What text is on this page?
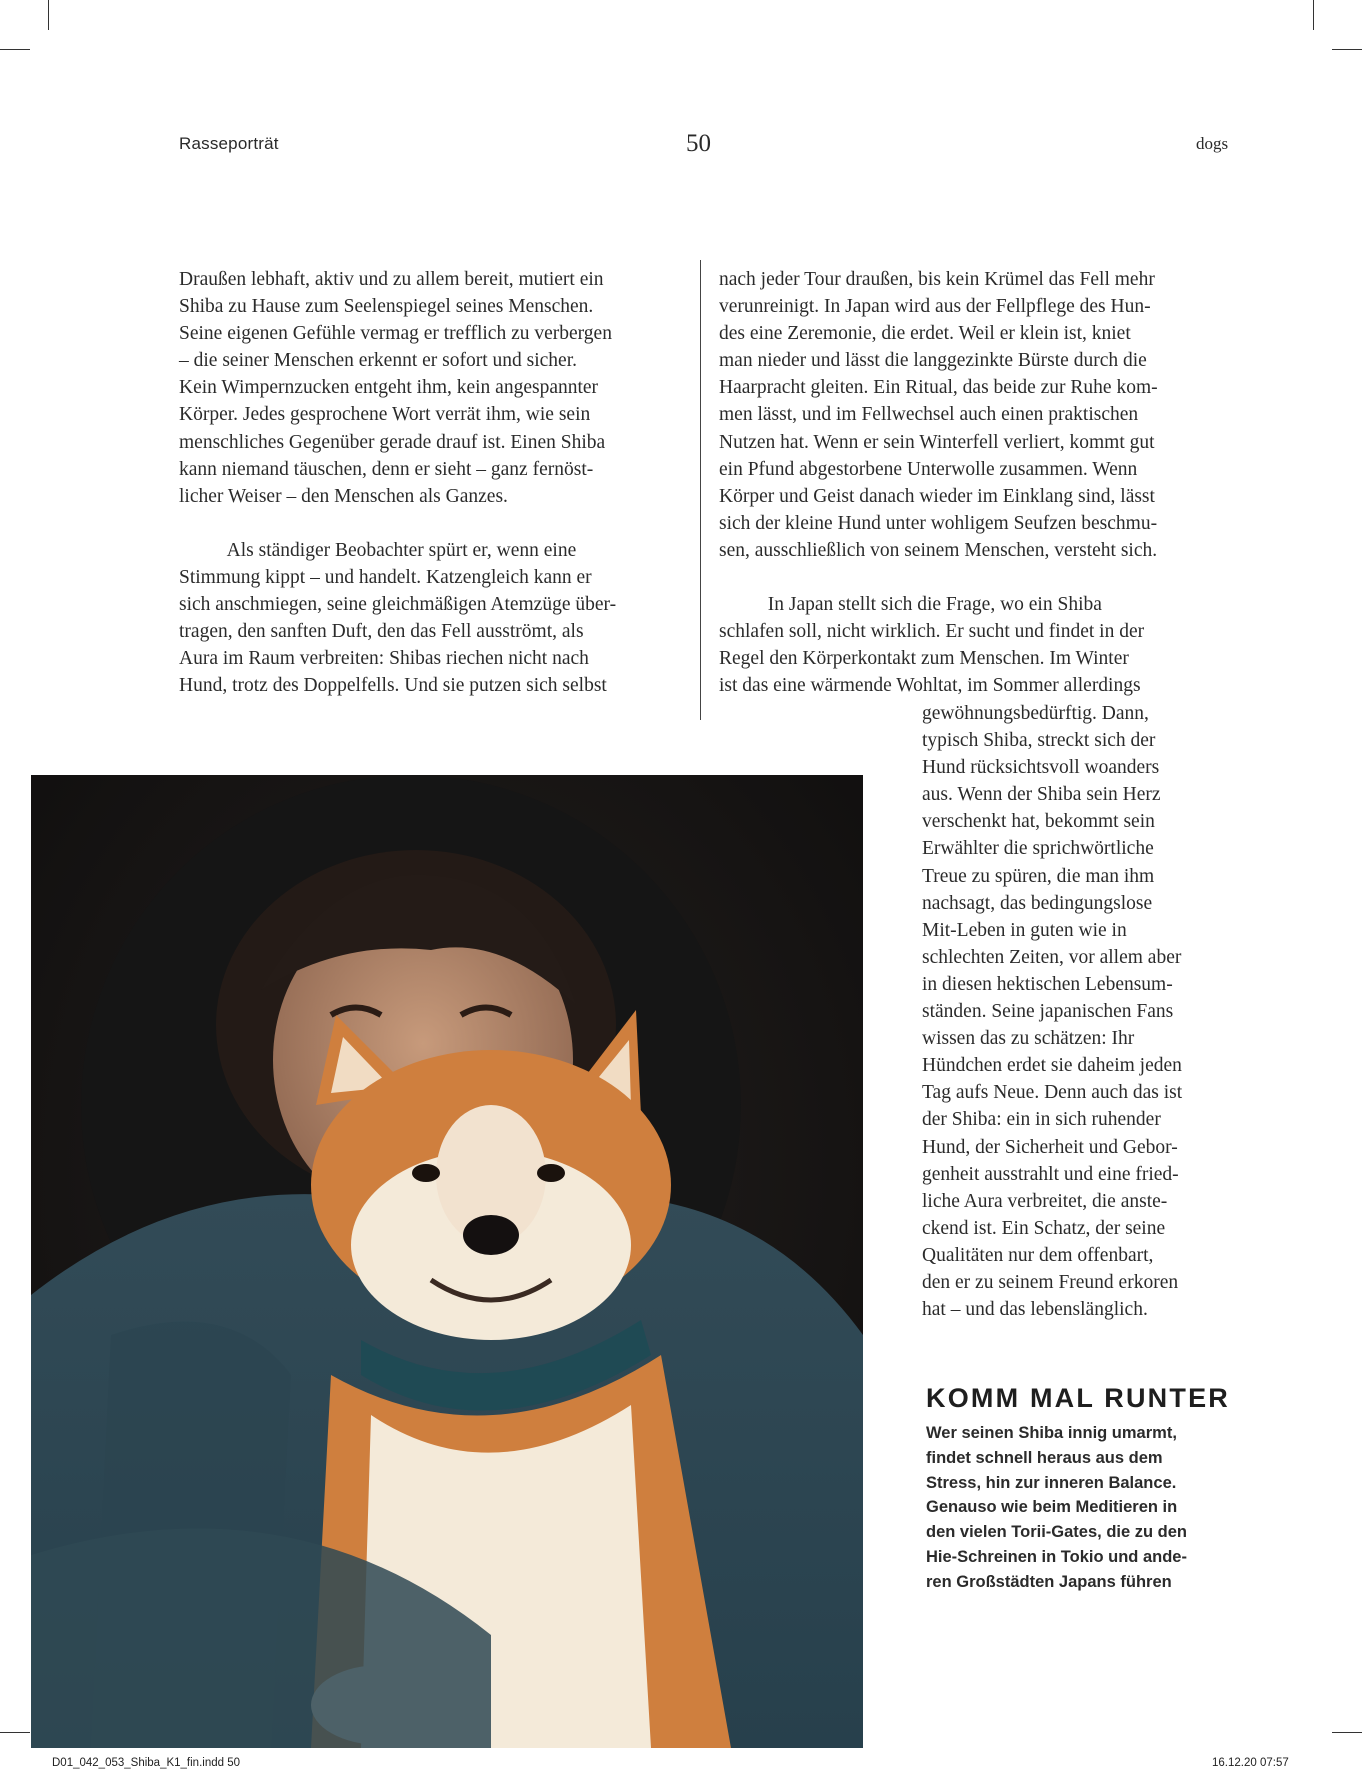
Rasseporträt	50	dogs
Draußen lebhaft, aktiv und zu allem bereit, mutiert ein
Shiba zu Hause zum Seelenspiegel seines Menschen.
Seine eigenen Gefühle vermag er trefflich zu verbergen
– die seiner Menschen erkennt er sofort und sicher.
Kein Wimpernzucken entgeht ihm, kein angespannter
Körper. Jedes gesprochene Wort verrät ihm, wie sein
menschliches Gegenüber gerade drauf ist. Einen Shiba
kann niemand täuschen, denn er sieht – ganz fernöst-
licher Weiser – den Menschen als Ganzes.
Als ständiger Beobachter spürt er, wenn eine
Stimmung kippt – und handelt. Katzengleich kann er
sich anschmiegen, seine gleichmäßigen Atemzüge über-
tragen, den sanften Duft, den das Fell ausströmt, als
Aura im Raum verbreiten: Shibas riechen nicht nach
Hund, trotz des Doppelfells. Und sie putzen sich selbst
nach jeder Tour draußen, bis kein Krümel das Fell mehr
verunreinigt. In Japan wird aus der Fellpflege des Hun-
des eine Zeremonie, die erdet. Weil er klein ist, kniet
man nieder und lässt die langgezinkte Bürste durch die
Haarpracht gleiten. Ein Ritual, das beide zur Ruhe kom-
men lässt, und im Fellwechsel auch einen praktischen
Nutzen hat. Wenn er sein Winterfell verliert, kommt gut
ein Pfund abgestorbene Unterwolle zusammen. Wenn
Körper und Geist danach wieder im Einklang sind, lässt
sich der kleine Hund unter wohligem Seufzen beschmu-
sen, ausschließlich von seinem Menschen, versteht sich.
In Japan stellt sich die Frage, wo ein Shiba
schlafen soll, nicht wirklich. Er sucht und findet in der
Regel den Körperkontakt zum Menschen. Im Winter
ist das eine wärmende Wohltat, im Sommer allerdings
gewöhnungsbedürftig. Dann,
typisch Shiba, streckt sich der
Hund rücksichtsvoll woanders
aus. Wenn der Shiba sein Herz
verschenkt hat, bekommt sein
Erwählter die sprichwörtliche
Treue zu spüren, die man ihm
nachsagt, das bedingungslose
Mit-Leben in guten wie in
schlechten Zeiten, vor allem aber
in diesen hektischen Lebensum-
ständen. Seine japanischen Fans
wissen das zu schätzen: Ihr
Hündchen erdet sie daheim jeden
Tag aufs Neue. Denn auch das ist
der Shiba: ein in sich ruhender
Hund, der Sicherheit und Gebor-
genheit ausstrahlt und eine fried-
liche Aura verbreitet, die anste-
ckend ist. Ein Schatz, der seine
Qualitäten nur dem offenbart,
den er zu seinem Freund erkoren
hat – und das lebenslänglich.
KOMM MAL RUNTER
Wer seinen Shiba innig umarmt,
findet schnell heraus aus dem
Stress, hin zur inneren Balance.
Genauso wie beim Meditieren in
den vielen Torii-Gates, die zu den
Hie-Schreinen in Tokio und ande-
ren Großstädten Japans führen
D01_042_053_Shiba_K1_fin.indd 50	16.12.20 07:57
